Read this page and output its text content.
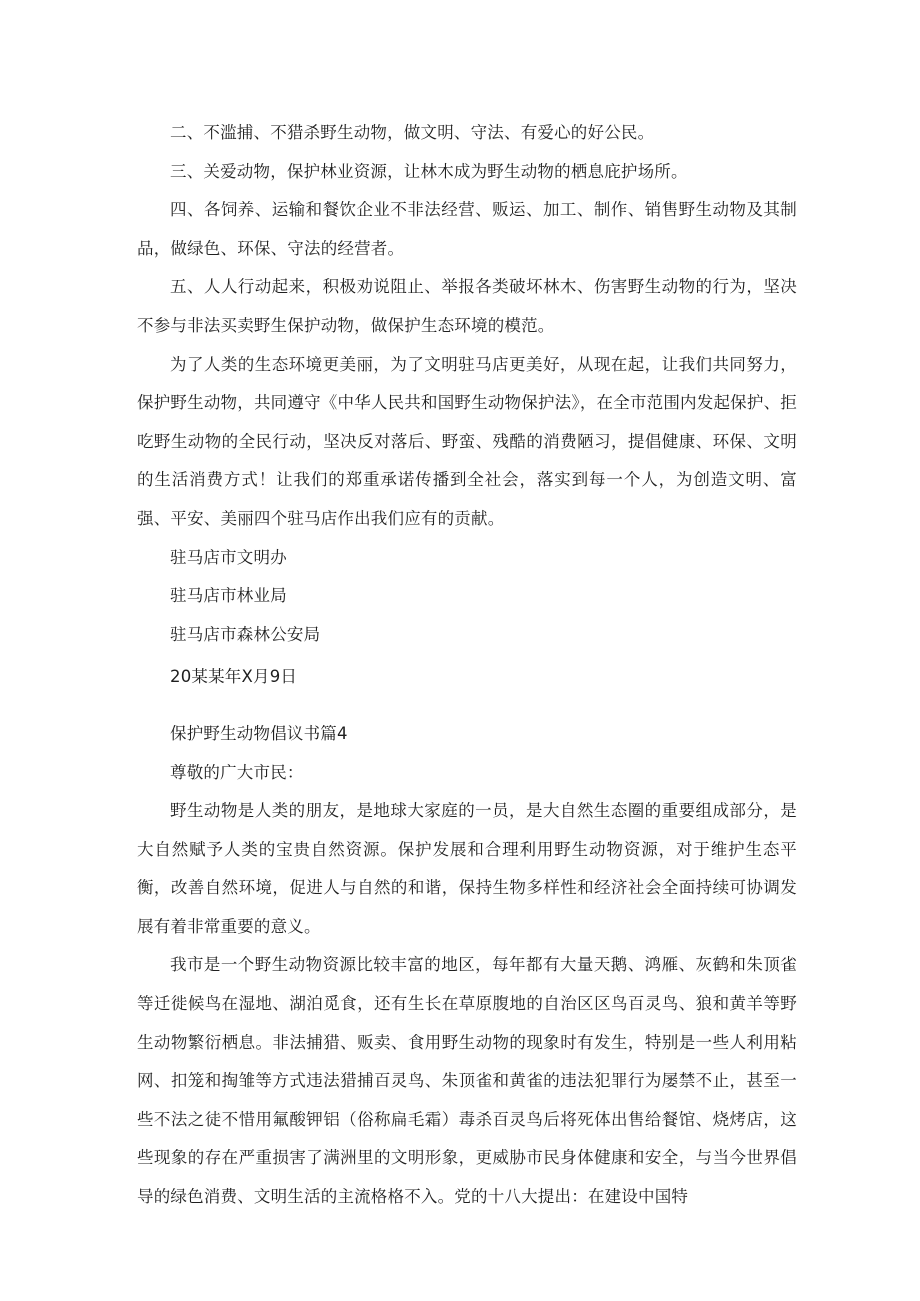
二、不滥捕、不猎杀野生动物，做文明、守法、有爱心的好公民。

三、关爱动物，保护林业资源，让林木成为野生动物的栖息庇护场所。

四、各饲养、运输和餐饮企业不非法经营、贩运、加工、制作、销售野生动物及其制品，做绿色、环保、守法的经营者。

五、人人行动起来，积极劝说阻止、举报各类破坏林木、伤害野生动物的行为，坚决不参与非法买卖野生保护动物，做保护生态环境的模范。

为了人类的生态环境更美丽，为了文明驻马店更美好，从现在起，让我们共同努力，保护野生动物，共同遵守《中华人民共和国野生动物保护法》，在全市范围内发起保护、拒吃野生动物的全民行动，坚决反对落后、野蛮、残酷的消费陋习，提倡健康、环保、文明的生活消费方式！让我们的郑重承诺传播到全社会，落实到每一个人，为创造文明、富强、平安、美丽四个驻马店作出我们应有的贡献。

驻马店市文明办

驻马店市林业局

驻马店市森林公安局

20某某年X月9日

保护野生动物倡议书篇4

尊敬的广大市民：

野生动物是人类的朋友，是地球大家庭的一员，是大自然生态圈的重要组成部分，是大自然赋予人类的宝贵自然资源。保护发展和合理利用野生动物资源，对于维护生态平衡，改善自然环境，促进人与自然的和谐，保持生物多样性和经济社会全面持续可协调发展有着非常重要的意义。

我市是一个野生动物资源比较丰富的地区，每年都有大量天鹅、鸿雁、灰鹤和朱顶雀等迁徙候鸟在湿地、湖泊觅食，还有生长在草原腹地的自治区区鸟百灵鸟、狼和黄羊等野生动物繁衍栖息。非法捕猎、贩卖、食用野生动物的现象时有发生，特别是一些人利用粘网、扣笼和掏雏等方式违法猎捕百灵鸟、朱顶雀和黄雀的违法犯罪行为屡禁不止，甚至一些不法之徒不惜用氟酸钾铝（俗称扁毛霜）毒杀百灵鸟后将死体出售给餐馆、烧烤店，这些现象的存在严重损害了满洲里的文明形象，更威胁市民身体健康和安全，与当今世界倡导的绿色消费、文明生活的主流格格不入。党的十八大提出：在建设中国特
